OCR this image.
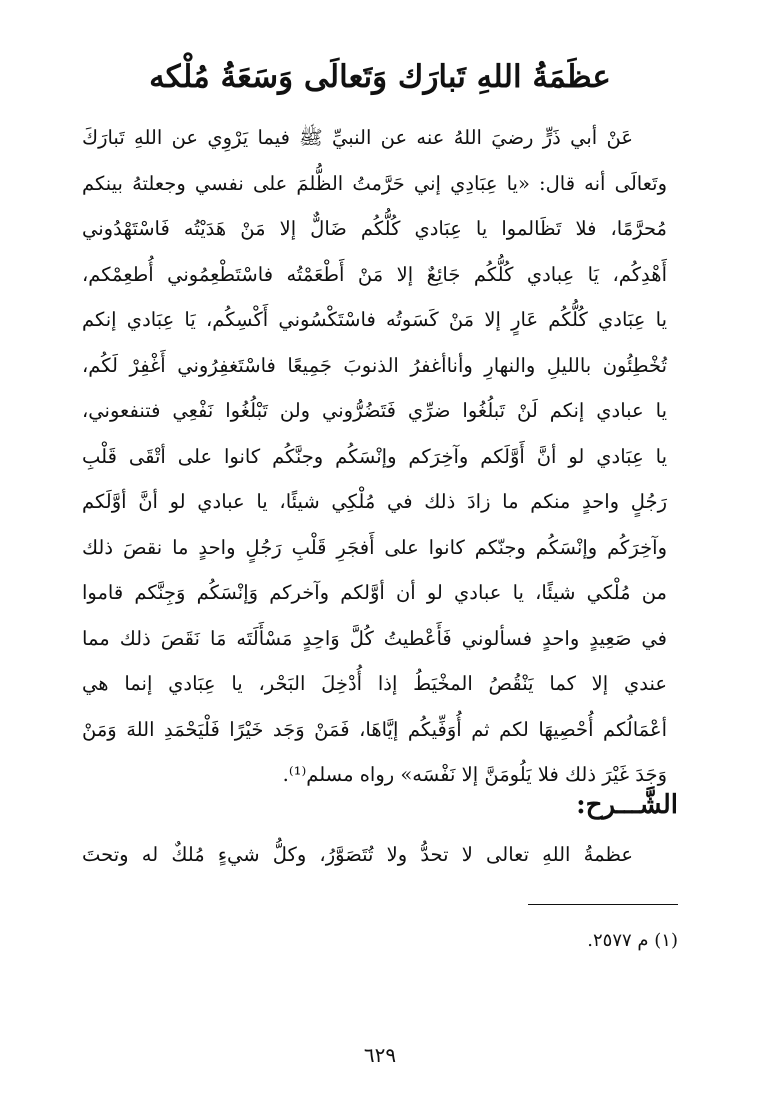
عظَمَةُ اللهِ تَبارَك وَتَعالَى وَسَعَةُ مُلْكه
عَنْ أبي ذَرٍّ رضيَ اللهُ عنه عن النبيِّ ﷺ فيما يَرْوِي عن اللهِ تَبارَكَ
وتَعالَى أنه قال: «يا عِبَادِي إني حَرَّمتُ الظُّلمَ على نفسي وجعلتهُ بينكم
مُحرَّمًا، فلا تَظَالموا يا عِبَادي كُلُّكُم ضَالٌّ إلا مَنْ هَدَيْتُه فَاسْتَهْدُوني
أَهْدِكُم، يَا عِبادي كُلُّكُم جَائِعٌ إلا مَنْ أَطْعَمْتُه فاسْتَطْعِمُوني أُطعِمْكم،
يا عِبَادي كُلُّكُم عَارٍ إلا مَنْ كَسَوتُه فاسْتَكْسُوني أَكْسِكُم، يَا عِبَادي إنكم
تُخْطِئُون بالليلِ والنهارِ وأناأغفرُ الذنوبَ جَمِيعًا فاسْتَغفِرُوني أَغْفِرْ لَكُم،
يا عبادي إنكم لَنْ تَبلُغُوا ضرِّي فَتَضُرُّوني ولن تَبْلُغُوا نَفْعِي فتنفعوني،
يا عِبَادي لو أنَّ أَوَّلَكم وآخِرَكم وإنْسَكُم وجنَّكُم كانوا على أتْقَى قَلْبِ
رَجُلٍ واحدٍ منكم ما زادَ ذلك في مُلْكِي شيئًا، يا عبادي لو أنَّ أوَّلَكم
وآخِرَكُم وإنْسَكُم وجنّكم كانوا على أَفجَرِ قَلْبِ رَجُلٍ واحدٍ ما نقصَ ذلك
من مُلْكي شيئًا، يا عبادي لو أن أوَّلكم وآخركم وَإنْسَكُم وَجِنَّكم قاموا
في صَعِيدٍ واحدٍ فسألوني فَأَعْطيتُ كُلَّ وَاحِدٍ مَسْأَلَتَه مَا نَقَصَ ذلك مما
عندي إلا كما يَنْقُصُ المخْيَطُ إذا أُدْخِلَ البَحْر، يا عِبَادي إنما هي
أعْمَالُكم أُحْصِيهَا لكم ثم أُوَفِّيكُم إيَّاهَا، فَمَنْ وَجَد خَيْرًا فَلْيَحْمَدِ اللهَ وَمَنْ
وَجَدَ غَيْرَ ذلك فلا يَلُومَنَّ إلا نَفْسَه» رواه مسلم⁽¹⁾.
الشَّـــرح:
عظمةُ اللهِ تعالى لا تحدُّ ولا تُتَصَوَّرُ، وكلُّ شيءٍ مُلكٌ له وتحتَ
(١) م ٢٥٧٧.
٦٢٩
